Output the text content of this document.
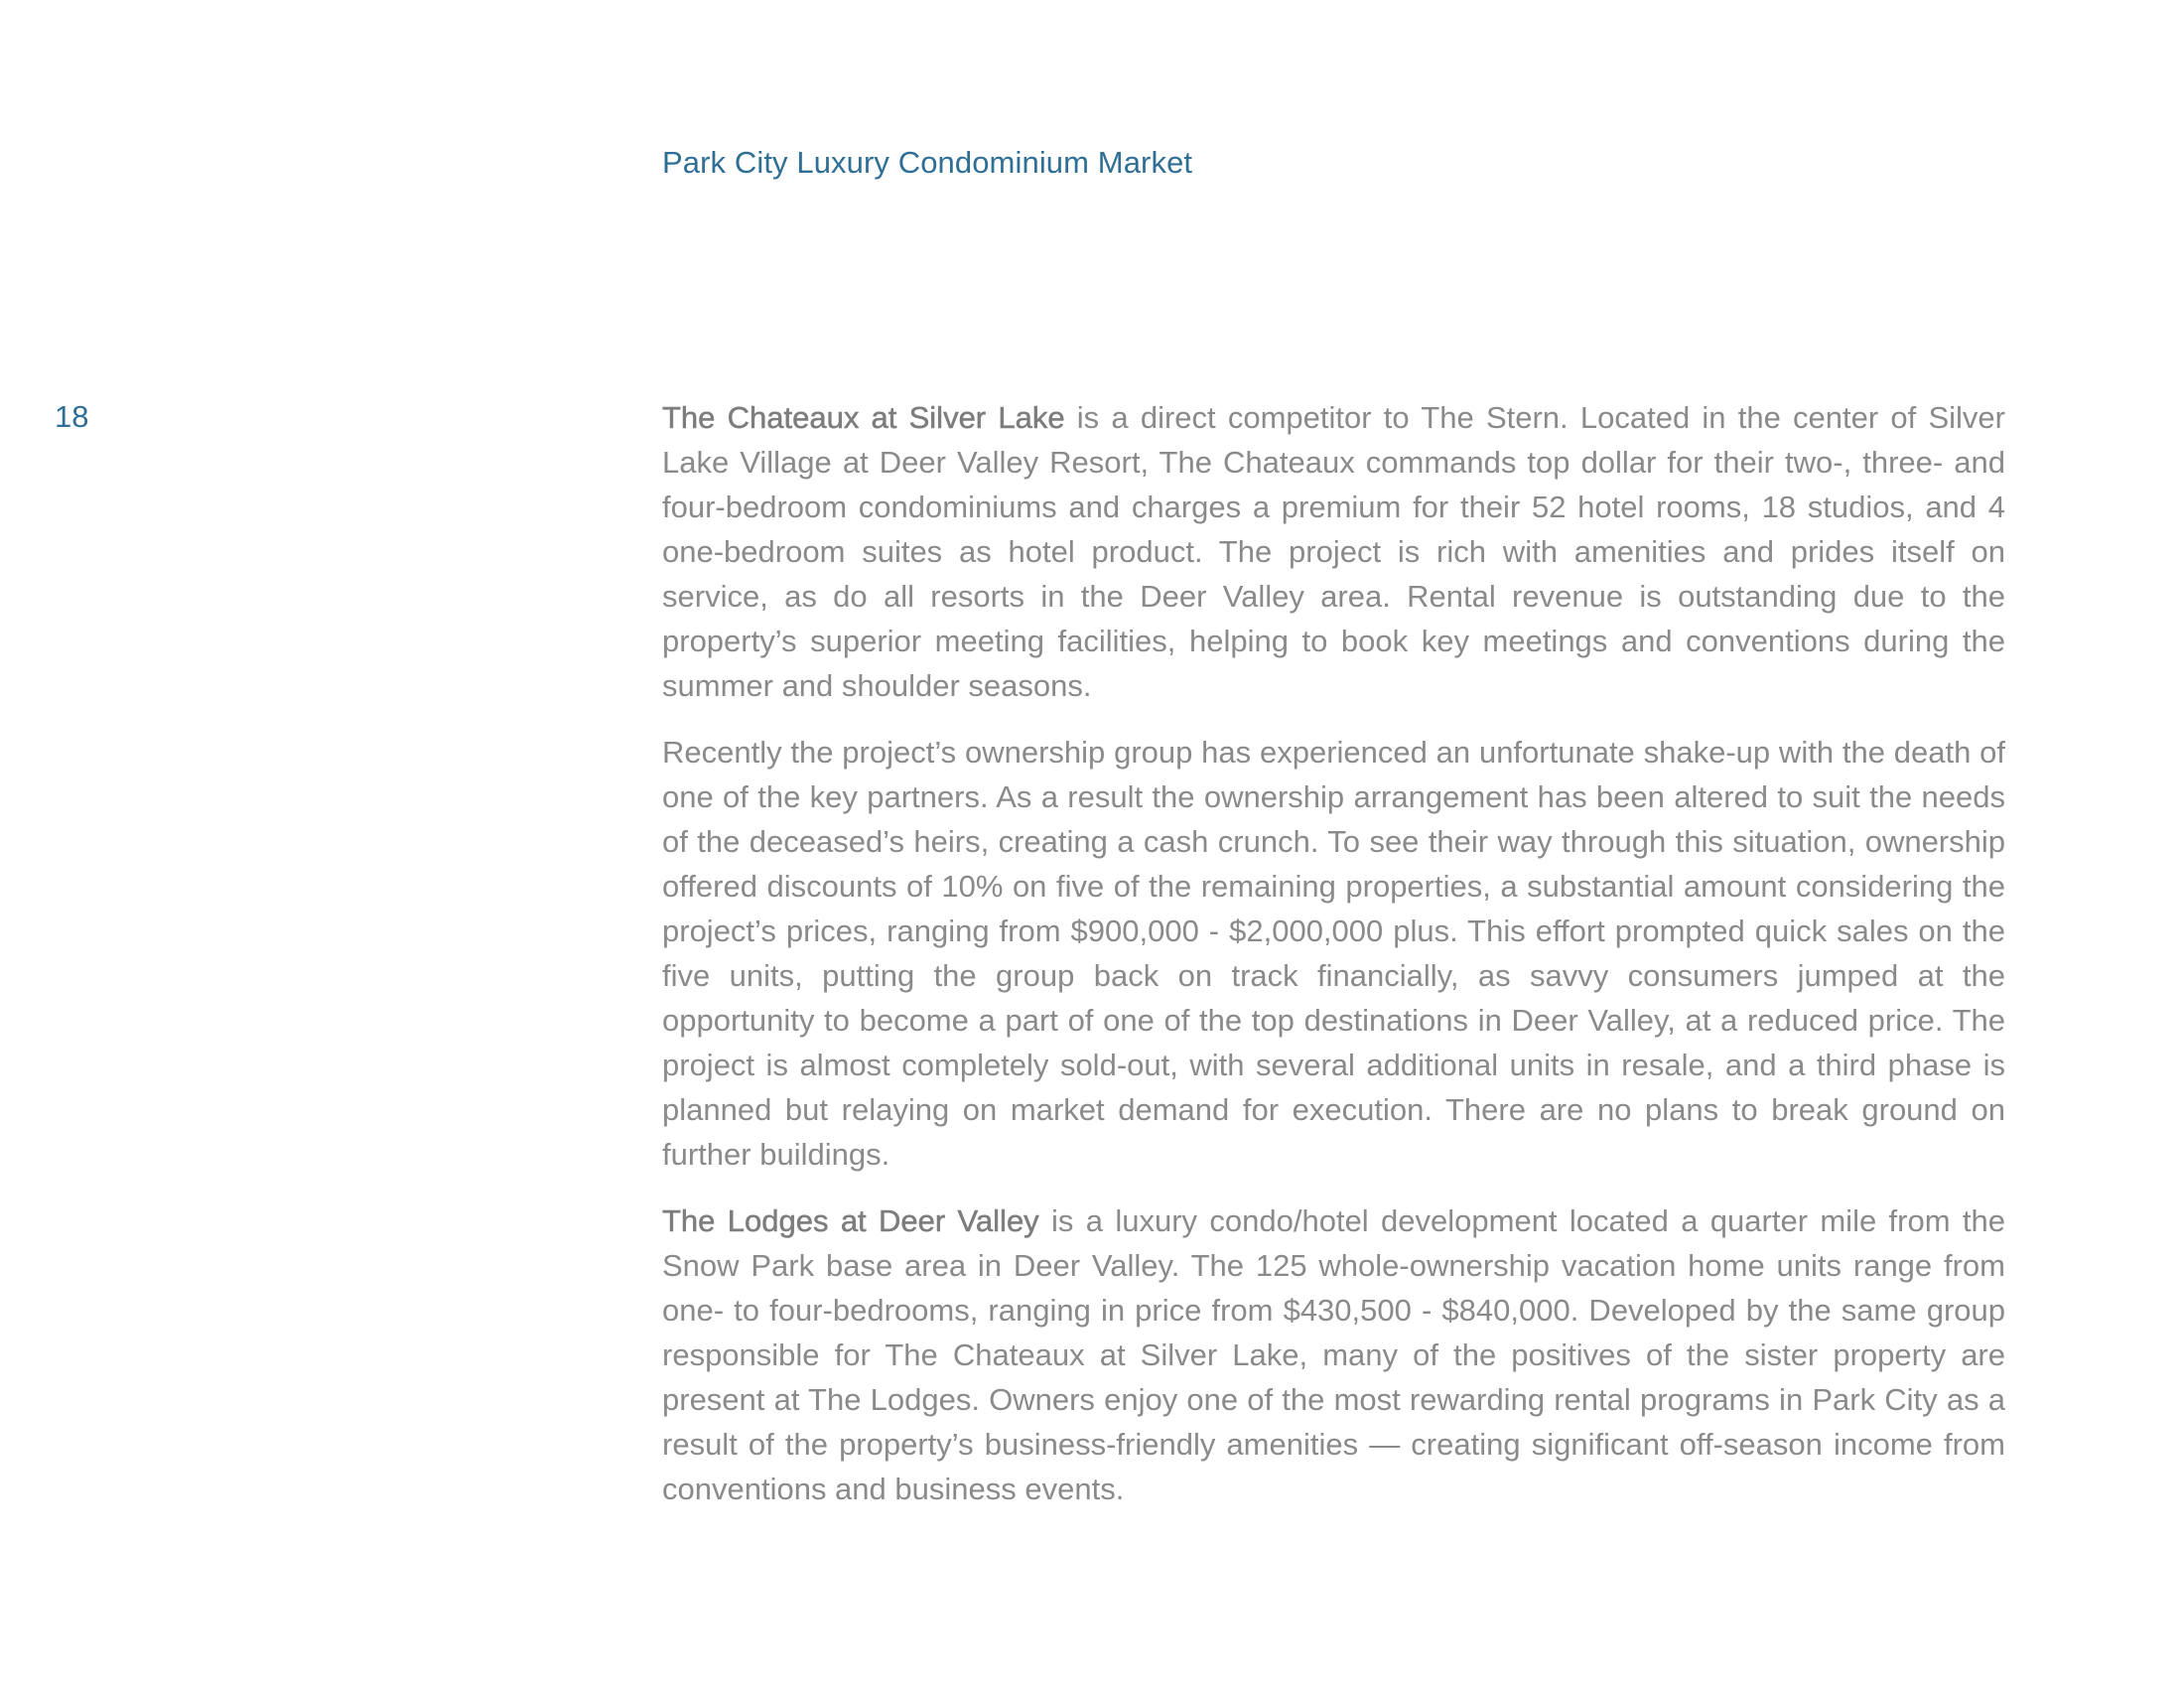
Park City Luxury Condominium Market
18	The Chateaux at Silver Lake is a direct competitor to The Stern. Located in the center of Silver Lake Village at Deer Valley Resort, The Chateaux commands top dollar for their two-, three- and four-bedroom condominiums and charges a premium for their 52 hotel rooms, 18 studios, and 4 one-bedroom suites as hotel product. The project is rich with amenities and prides itself on service, as do all resorts in the Deer Valley area. Rental revenue is outstanding due to the property’s superior meeting facilities, helping to book key meetings and conventions during the summer and shoulder seasons.

Recently the project’s ownership group has experienced an unfortunate shake-up with the death of one of the key partners. As a result the ownership arrangement has been altered to suit the needs of the deceased’s heirs, creating a cash crunch. To see their way through this situation, ownership offered discounts of 10% on five of the remaining properties, a substantial amount considering the project’s prices, ranging from $900,000 - $2,000,000 plus. This effort prompted quick sales on the five units, putting the group back on track financially, as savvy consumers jumped at the opportunity to become a part of one of the top destinations in Deer Valley, at a reduced price. The project is almost completely sold-out, with several additional units in resale, and a third phase is planned but relaying on market demand for execution. There are no plans to break ground on further buildings.

The Lodges at Deer Valley is a luxury condo/hotel development located a quarter mile from the Snow Park base area in Deer Valley. The 125 whole-ownership vacation home units range from one- to four-bedrooms, ranging in price from $430,500 - $840,000. Developed by the same group responsible for The Chateaux at Silver Lake, many of the positives of the sister property are present at The Lodges. Owners enjoy one of the most rewarding rental programs in Park City as a result of the property’s business-friendly amenities — creating significant off-season income from conventions and business events.
